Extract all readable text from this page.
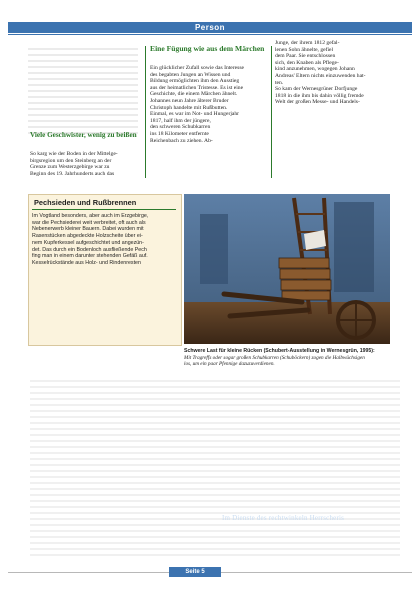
Person
Eine Fügung wie aus dem Märchen
Ein glücklicher Zufall sowie das Interesse
des begabten Jungen an Wissen und
Bildung ermöglichten ihm den Ausstieg
aus der heimatlichen Tristesse. Es ist eine
Geschichte, die einem Märchen ähnelt.
Johannes neun Jahre älterer Bruder
Christoph handelte mit Rußbutten.
Einmal, es war im Not- und Hungerjahr
1817, half ihm der jüngere,
den schweren Schubkarren
ins 18 Kilometer entfernte
Reichenbach zu ziehen. Ab-
Junge, der ihrem 1812 gefal-
lenen Sohn ähnelte, gefiel
dem Paar. Sie entschlossen
sich, den Knaben als Pflege-
kind anzunehmen, wogegen Johann
Andreas' Eltern nichts einzuwenden hat-
ten.
So kam der Wernesgrüner Dorfjunge
1818 in die ihm bis dahin völlig fremde
Welt der großen Messe- und Handels-
Viele Geschwister, wenig zu beißen
So karg wie der Boden in der Mittelge-
birgsregion um den Steinberg an der
Grenze zum Westerzgebirge war zu
Beginn des 19. Jahrhunderts auch das
Pechsieden und Rußbrennen
Im Vogtland besonders, aber auch im Erzgebirge,
war die Pechsiederei weit verbreitet, oft auch als
Nebenerwerb kleiner Bauern. Dabei wurden mit
Rasenstücken abgedeckte Holzscheite über ei-
nem Kupferkessel aufgeschichtet und angezün-
det. Das durch ein Bodenloch ausfließende Pech
fing man in einem darunter stehenden Gefäß auf.
Kesselrückstände aus Holz- und Rindenresten
Schwere Last für kleine Rücken (Schubert-Ausstellung in Wernesgrün, 1995):
Mit Tragreffs oder sogar großen Schubkarren (Schuböckern) zogen die Halbwüchsigen
los, um ein paar Pfennige dazuzuverdienen.
Im Dienste des rechtwinkeln Herrscheris
Seite 5
